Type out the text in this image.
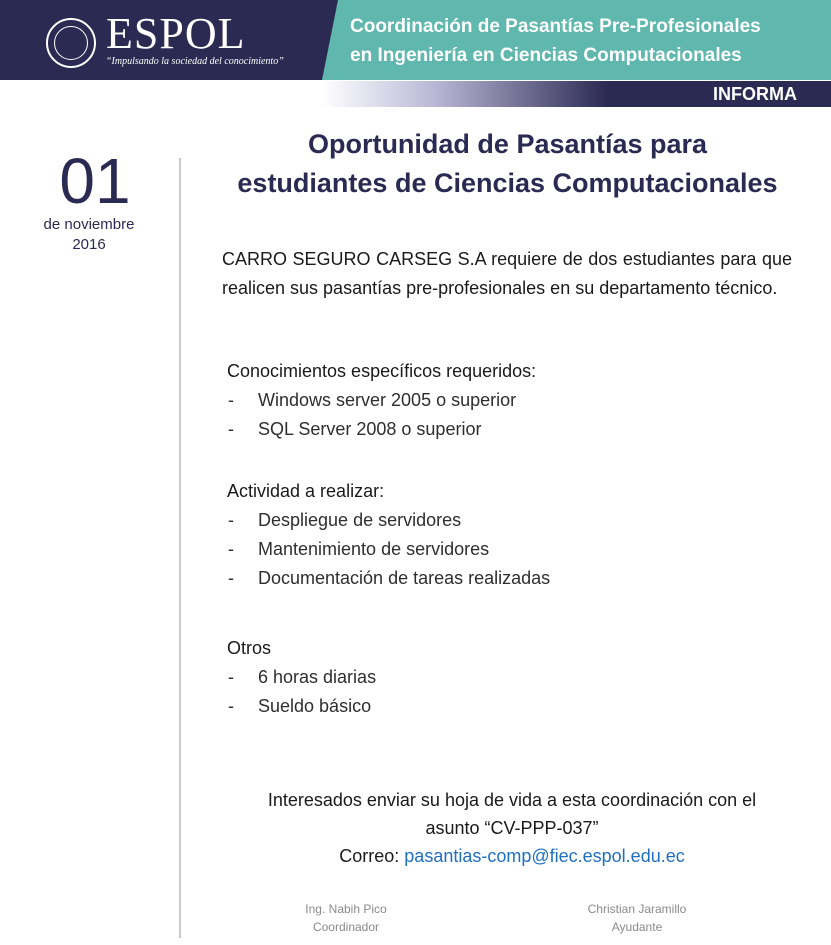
ESPOL
“Impulsando la sociedad del conocimiento”
Coordinación de Pasantías Pre-Profesionales
en Ingeniería en Ciencias Computacionales
INFORMA
01
de noviembre
2016
Oportunidad de Pasantías para
estudiantes de Ciencias Computacionales
CARRO SEGURO CARSEG S.A requiere de dos estudiantes para que realicen sus pasantías pre-profesionales en su departamento técnico.
Conocimientos específicos requeridos:
- Windows server 2005 o superior
- SQL Server 2008 o superior
Actividad a realizar:
- Despliegue de servidores
- Mantenimiento de servidores
- Documentación de tareas realizadas
Otros
- 6 horas diarias
- Sueldo básico
Interesados enviar su hoja de vida a esta coordinación con el
asunto “CV-PPP-037”
Correo: pasantias-comp@fiec.espol.edu.ec
Ing. Nabih Pico
Coordinador
Christian Jaramillo
Ayudante
